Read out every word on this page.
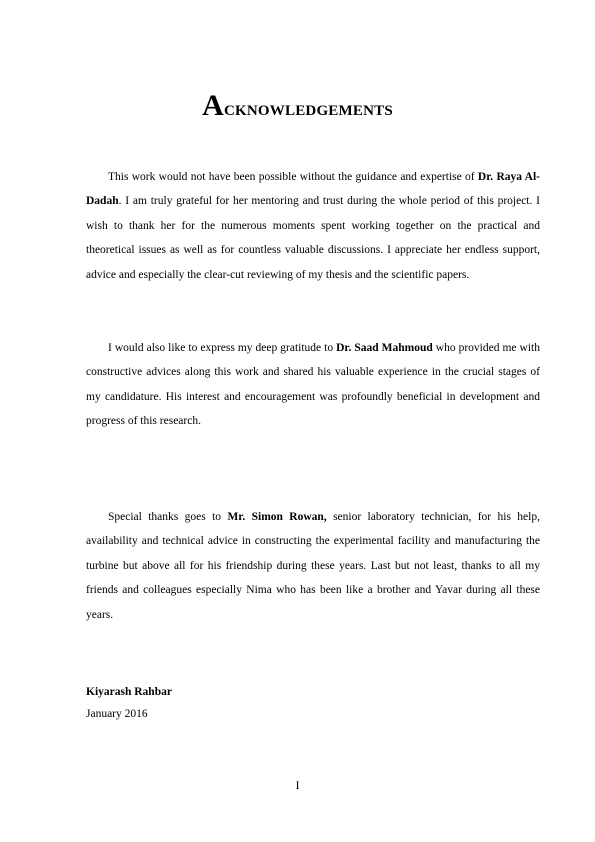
ACKNOWLEDGEMENTS

This work would not have been possible without the guidance and expertise of Dr. Raya Al-Dadah. I am truly grateful for her mentoring and trust during the whole period of this project. I wish to thank her for the numerous moments spent working together on the practical and theoretical issues as well as for countless valuable discussions. I appreciate her endless support, advice and especially the clear-cut reviewing of my thesis and the scientific papers.

I would also like to express my deep gratitude to Dr. Saad Mahmoud who provided me with constructive advices along this work and shared his valuable experience in the crucial stages of my candidature. His interest and encouragement was profoundly beneficial in development and progress of this research.

Special thanks goes to Mr. Simon Rowan, senior laboratory technician, for his help, availability and technical advice in constructing the experimental facility and manufacturing the turbine but above all for his friendship during these years. Last but not least, thanks to all my friends and colleagues especially Nima who has been like a brother and Yavar during all these years.

Kiyarash Rahbar
January 2016
I
